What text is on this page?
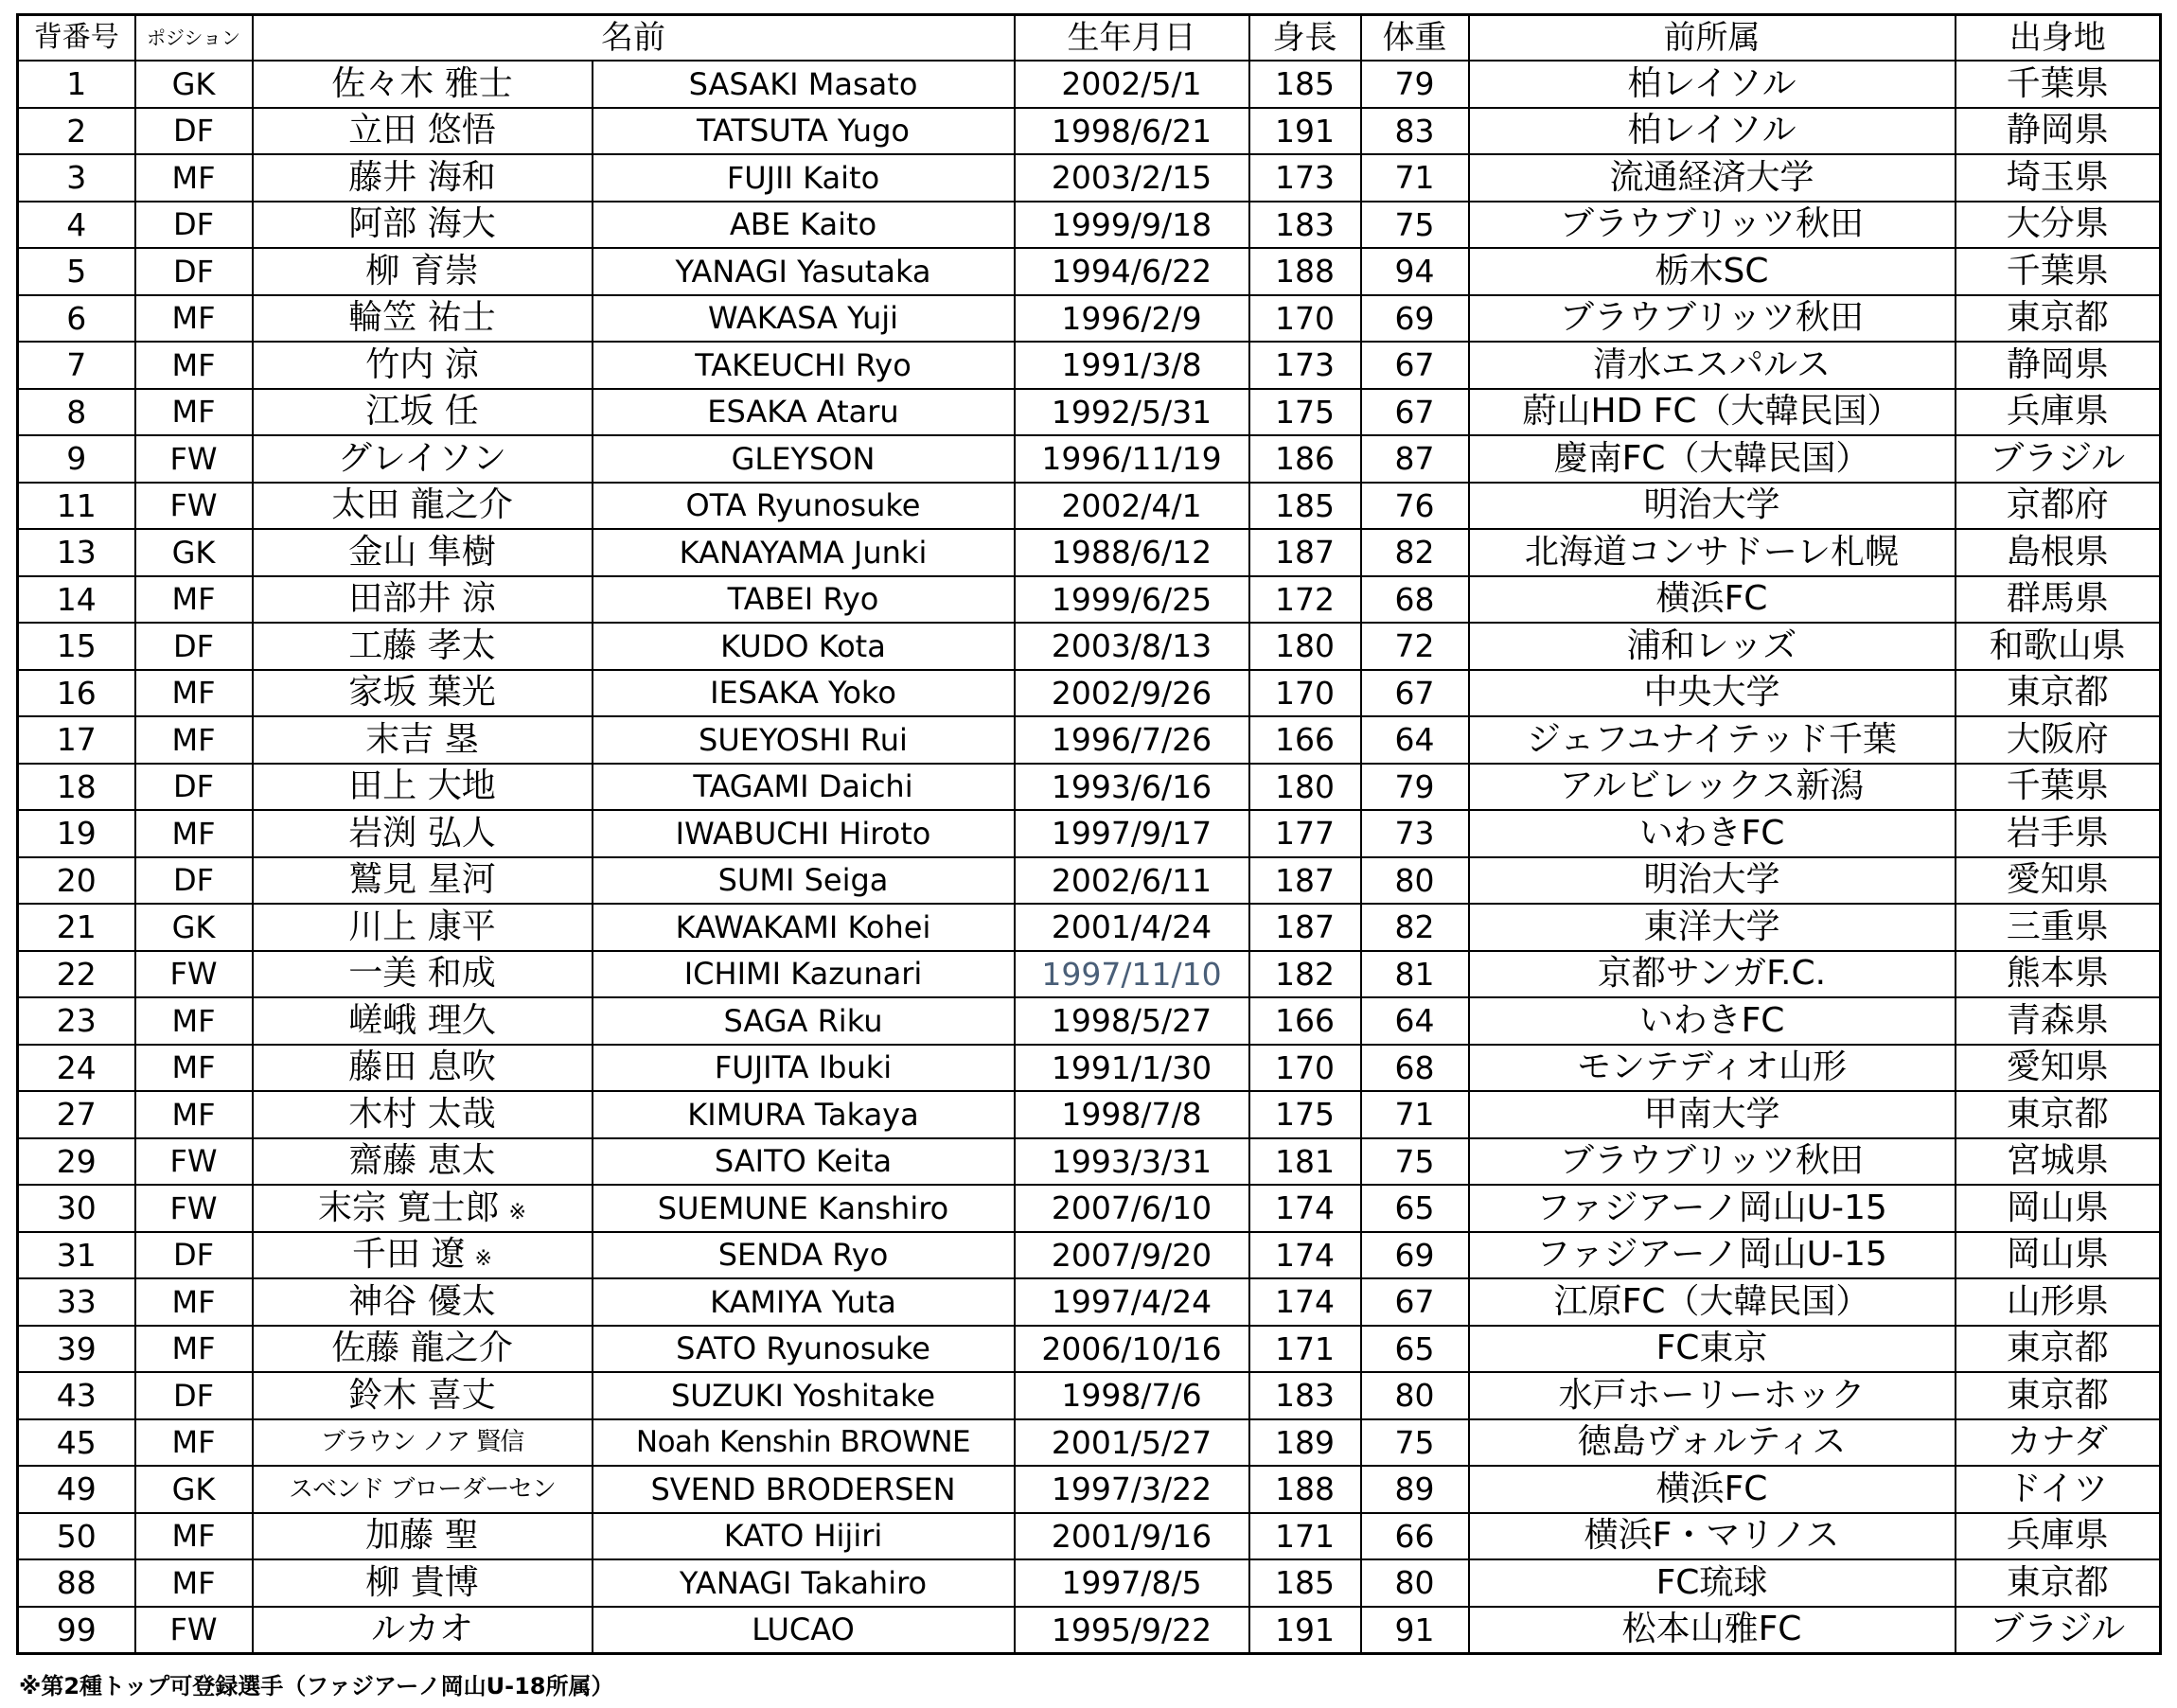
背番号	ポジション	名前		生年月日	身長	体重	前所属	出身地
1	GK	佐々木 雅士	SASAKI Masato	2002/5/1	185	79	柏レイソル	千葉県
2	DF	立田 悠悟	TATSUTA Yugo	1998/6/21	191	83	柏レイソル	静岡県
3	MF	藤井 海和	FUJII Kaito	2003/2/15	173	71	流通経済大学	埼玉県
4	DF	阿部 海大	ABE Kaito	1999/9/18	183	75	ブラウブリッツ秋田	大分県
5	DF	柳 育崇	YANAGI Yasutaka	1994/6/22	188	94	栃木SC	千葉県
6	MF	輪笠 祐士	WAKASA Yuji	1996/2/9	170	69	ブラウブリッツ秋田	東京都
7	MF	竹内 涼	TAKEUCHI Ryo	1991/3/8	173	67	清水エスパルス	静岡県
8	MF	江坂 任	ESAKA Ataru	1992/5/31	175	67	蔚山HD FC（大韓民国）	兵庫県
9	FW	グレイソン	GLEYSON	1996/11/19	186	87	慶南FC（大韓民国）	ブラジル
11	FW	太田 龍之介	OTA Ryunosuke	2002/4/1	185	76	明治大学	京都府
13	GK	金山 隼樹	KANAYAMA Junki	1988/6/12	187	82	北海道コンサドーレ札幌	島根県
14	MF	田部井 涼	TABEI Ryo	1999/6/25	172	68	横浜FC	群馬県
15	DF	工藤 孝太	KUDO Kota	2003/8/13	180	72	浦和レッズ	和歌山県
16	MF	家坂 葉光	IESAKA Yoko	2002/9/26	170	67	中央大学	東京都
17	MF	末吉 塁	SUEYOSHI Rui	1996/7/26	166	64	ジェフユナイテッド千葉	大阪府
18	DF	田上 大地	TAGAMI Daichi	1993/6/16	180	79	アルビレックス新潟	千葉県
19	MF	岩渕 弘人	IWABUCHI Hiroto	1997/9/17	177	73	いわきFC	岩手県
20	DF	鷲見 星河	SUMI Seiga	2002/6/11	187	80	明治大学	愛知県
21	GK	川上 康平	KAWAKAMI Kohei	2001/4/24	187	82	東洋大学	三重県
22	FW	一美 和成	ICHIMI Kazunari	1997/11/10	182	81	京都サンガF.C.	熊本県
23	MF	嵯峨 理久	SAGA Riku	1998/5/27	166	64	いわきFC	青森県
24	MF	藤田 息吹	FUJITA Ibuki	1991/1/30	170	68	モンテディオ山形	愛知県
27	MF	木村 太哉	KIMURA Takaya	1998/7/8	175	71	甲南大学	東京都
29	FW	齋藤 恵太	SAITO Keita	1993/3/31	181	75	ブラウブリッツ秋田	宮城県
30	FW	末宗 寛士郎 ※	SUEMUNE Kanshiro	2007/6/10	174	65	ファジアーノ岡山U-15	岡山県
31	DF	千田 遼 ※	SENDA Ryo	2007/9/20	174	69	ファジアーノ岡山U-15	岡山県
33	MF	神谷 優太	KAMIYA Yuta	1997/4/24	174	67	江原FC（大韓民国）	山形県
39	MF	佐藤 龍之介	SATO Ryunosuke	2006/10/16	171	65	FC東京	東京都
43	DF	鈴木 喜丈	SUZUKI Yoshitake	1998/7/6	183	80	水戸ホーリーホック	東京都
45	MF	ブラウン ノア 賢信	Noah Kenshin BROWNE	2001/5/27	189	75	徳島ヴォルティス	カナダ
49	GK	スベンド ブローダーセン	SVEND BRODERSEN	1997/3/22	188	89	横浜FC	ドイツ
50	MF	加藤 聖	KATO Hijiri	2001/9/16	171	66	横浜F・マリノス	兵庫県
88	MF	柳 貴博	YANAGI Takahiro	1997/8/5	185	80	FC琉球	東京都
99	FW	ルカオ	LUCAO	1995/9/22	191	91	松本山雅FC	ブラジル
※第2種トップ可登録選手（ファジアーノ岡山U-18所属）
